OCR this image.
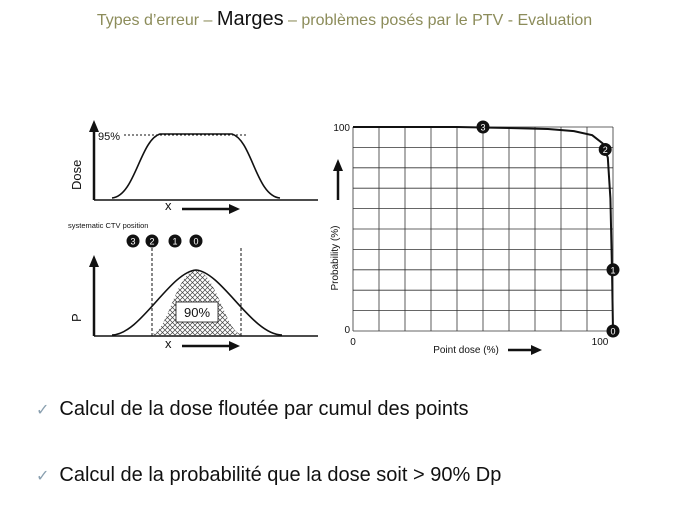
Types d’erreur – Marges – problèmes posés par le PTV - Evaluation
95%
Dose
x
systematic CTV position
3 2 1 0
90%
P
x
3
2
1
0
100
0
0	100
Probability (%)
Point dose (%)
✓ Calcul de la dose floutée par cumul des points
✓ Calcul de la probabilité que la dose soit > 90% Dp
